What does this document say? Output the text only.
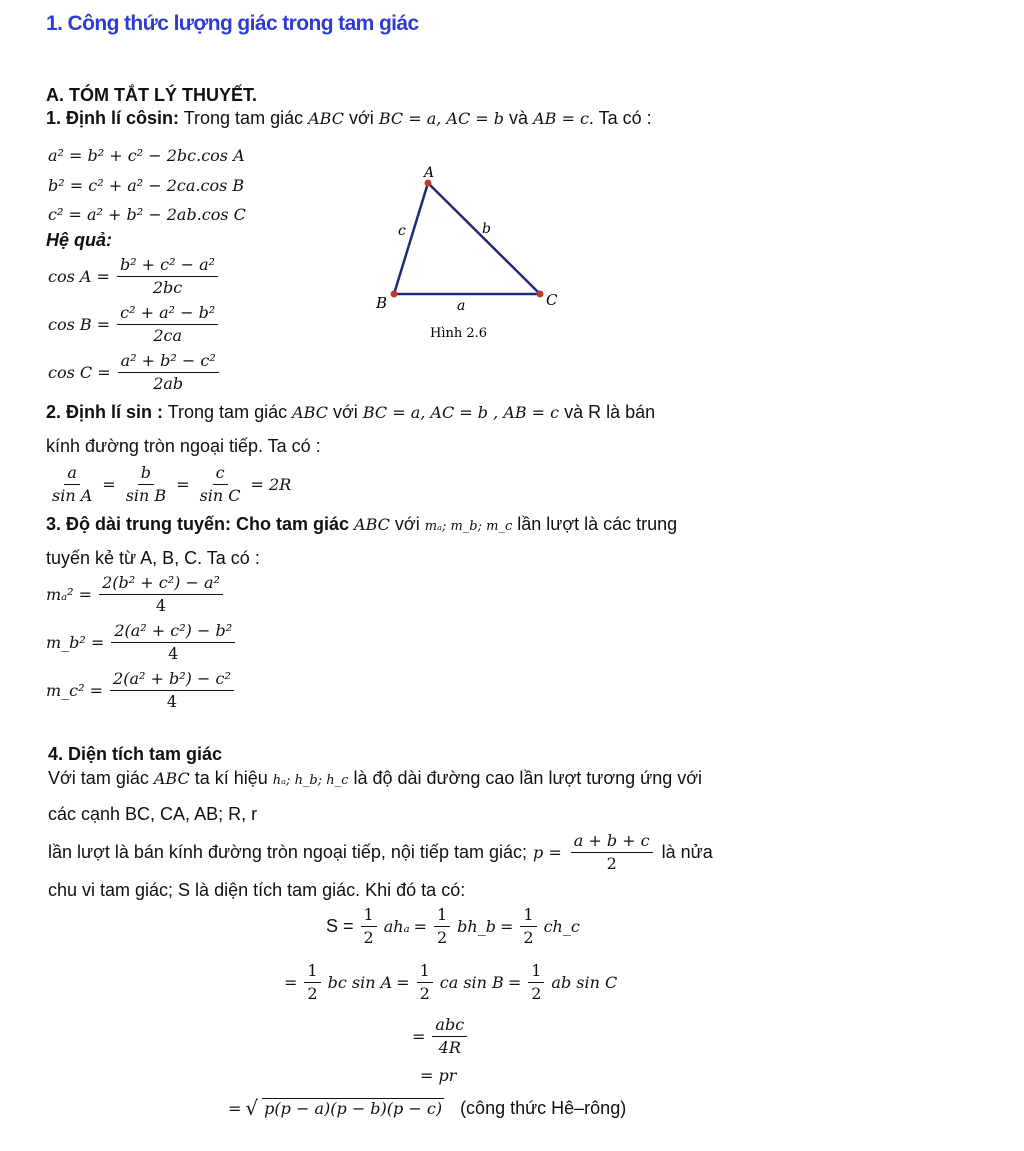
1. Công thức lượng giác trong tam giác
A. TÓM TẮT LÝ THUYẾT.
1. Định lí côsin: Trong tam giác ABC với BC = a, AC = b và AB = c. Ta có :
a² = b² + c² − 2bc.cos A
b² = c² + a² − 2ca.cos B
c² = a² + b² − 2ab.cos C
Hệ quả:
$\cos A = \frac{\text{b² + c² − a²}}{2bc}$
$\cos B = \frac{\text{c² + a² − b²}}{2ca}$
$\cos C = \frac{\text{a² + b² − c²}}{2ab}$
A
B	C
c	b
a
Hình 2.6
2. Định lí sin : Trong tam giác ABC với BC = a, AC = b , AB = c và R là bán
kính đường tròn ngoại tiếp. Ta có :
$\frac{a}{\text{sin A}} = \frac{b}{\text{sin B}} = \frac{c}{\text{sin C}} = 2R$
3. Độ dài trung tuyến: Cho tam giác ABC với mₐ; m_b; m_c lần lượt là các trung
tuyến kẻ từ A, B, C. Ta có :
$m_a^2 = \frac{\text{2(b² + c²) − a²}}{4}$
m_b² = $\frac{\text{2(a² + c²) − b²}}{4}$
m_c² = $\frac{\text{2(a² + b²) − c²}}{4}$
4. Diện tích tam giác
Với tam giác ABC ta kí hiệu hₐ; h_b; h_c là độ dài đường cao lần lượt tương ứng với
các cạnh BC, CA, AB; R, r
lần lượt là bán kính đường tròn ngoại tiếp, nội tiếp tam giác; $p = \frac{a + b + c}{2}$ là nửa
chu vi tam giác; S là diện tích tam giác. Khi đó ta có:
$S = \frac{1}{2}$ $ah_a = \frac{1}{2}$ bh_b = $\frac{1}{2}$ ch_c
= $\frac{1}{2}$ bc $\sin A = \frac{1}{2}$ ca $\sin B = \frac{1}{2}$ ab sin C
= $\frac{\text{abc}}{4R}$
= pr
= √ p(p − a)(p − b)(p − c) (công thức Hê–rông)
